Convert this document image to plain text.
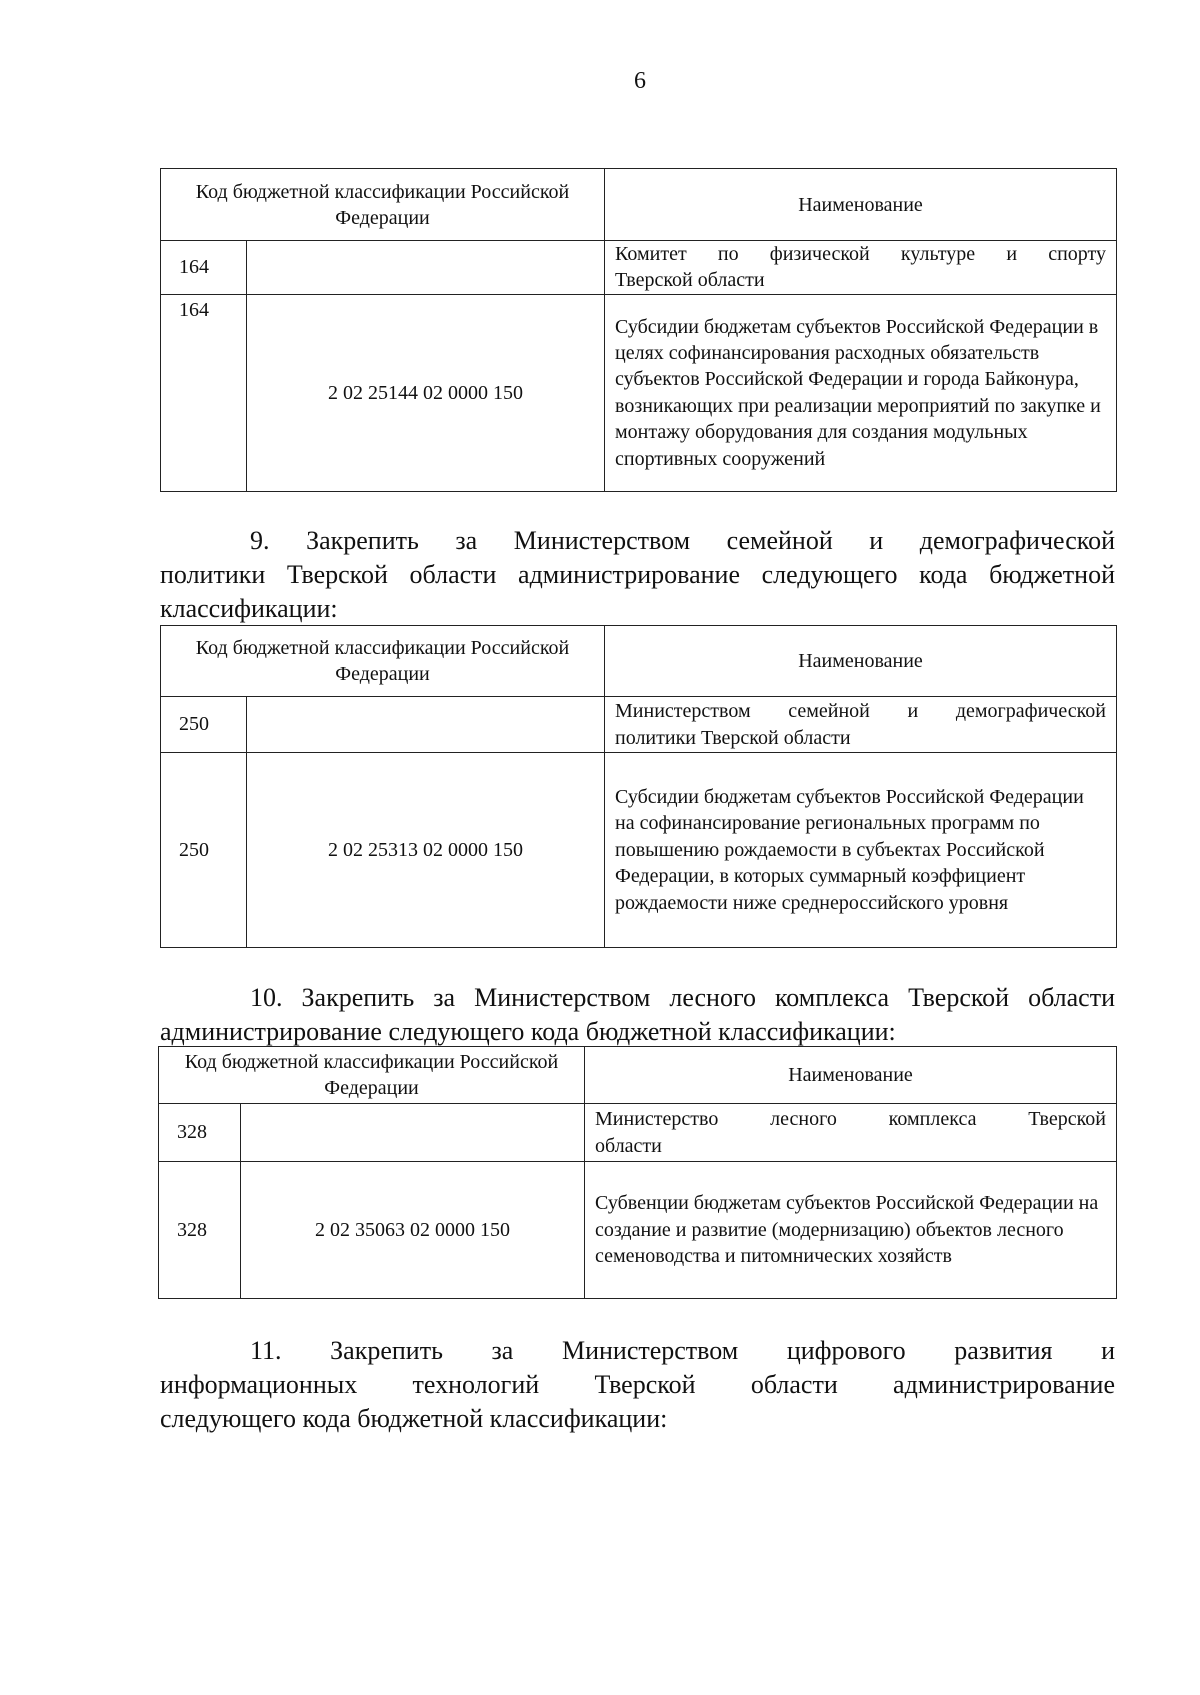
6
Код бюджетной классификации Российской Федерации		Наименование
164		Комитет по физической культуре и спорту
Тверской области

164	2 02 25144 02 0000 150	Субсидии бюджетам субъектов Российской Федерации в целях софинансирования расходных обязательств субъектов Российской Федерации и города Байконура, возникающих при реализации мероприятий по закупке и монтажу оборудования для создания модульных спортивных сооружений
9. Закрепить за Министерством семейной и демографической
политики Тверской области администрирование следующего кода бюджетной классификации:
Код бюджетной классификации Российской Федерации		Наименование
250		Министерством семейной и демографической
политики Тверской области

250	2 02 25313 02 0000 150	Субсидии бюджетам субъектов Российской Федерации на софинансирование региональных программ по повышению рождаемости в субъектах Российской Федерации, в которых суммарный коэффициент рождаемости ниже среднероссийского уровня
10. Закрепить за Министерством лесного комплекса Тверской области
администрирование следующего кода бюджетной классификации:
Код бюджетной классификации Российской Федерации		Наименование
328		Министерство лесного комплекса Тверской
области

328	2 02 35063 02 0000 150	Субвенции бюджетам субъектов Российской Федерации на создание и развитие (модернизацию) объектов лесного семеноводства и питомнических хозяйств
11. Закрепить за Министерством цифрового развития и
информационных технологий Тверской области администрирование
следующего кода бюджетной классификации:
